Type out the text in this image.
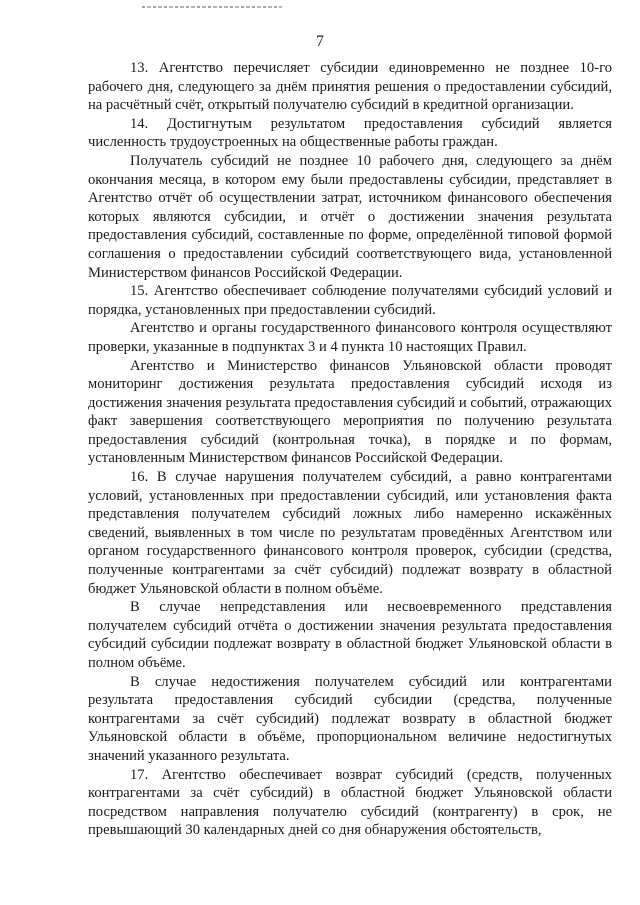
7

13. Агентство перечисляет субсидии единовременно не позднее 10-го рабочего дня, следующего за днём принятия решения о предоставлении субсидий, на расчётный счёт, открытый получателю субсидий в кредитной организации.

14. Достигнутым результатом предоставления субсидий является численность трудоустроенных на общественные работы граждан.

Получатель субсидий не позднее 10 рабочего дня, следующего за днём окончания месяца, в котором ему были предоставлены субсидии, представляет в Агентство отчёт об осуществлении затрат, источником финансового обеспечения которых являются субсидии, и отчёт о достижении значения результата предоставления субсидий, составленные по форме, определённой типовой формой соглашения о предоставлении субсидий соответствующего вида, установленной Министерством финансов Российской Федерации.

15. Агентство обеспечивает соблюдение получателями субсидий условий и порядка, установленных при предоставлении субсидий.

Агентство и органы государственного финансового контроля осуществляют проверки, указанные в подпунктах 3 и 4 пункта 10 настоящих Правил.

Агентство и Министерство финансов Ульяновской области проводят мониторинг достижения результата предоставления субсидий исходя из достижения значения результата предоставления субсидий и событий, отражающих факт завершения соответствующего мероприятия по получению результата предоставления субсидий (контрольная точка), в порядке и по формам, установленным Министерством финансов Российской Федерации.

16. В случае нарушения получателем субсидий, а равно контрагентами условий, установленных при предоставлении субсидий, или установления факта представления получателем субсидий ложных либо намеренно искажённых сведений, выявленных в том числе по результатам проведённых Агентством или органом государственного финансового контроля проверок, субсидии (средства, полученные контрагентами за счёт субсидий) подлежат возврату в областной бюджет Ульяновской области в полном объёме.

В случае непредставления или несвоевременного представления получателем субсидий отчёта о достижении значения результата предоставления субсидий субсидии подлежат возврату в областной бюджет Ульяновской области в полном объёме.

В случае недостижения получателем субсидий или контрагентами результата предоставления субсидий субсидии (средства, полученные контрагентами за счёт субсидий) подлежат возврату в областной бюджет Ульяновской области в объёме, пропорциональном величине недостигнутых значений указанного результата.

17. Агентство обеспечивает возврат субсидий (средств, полученных контрагентами за счёт субсидий) в областной бюджет Ульяновской области посредством направления получателю субсидий (контрагенту) в срок, не превышающий 30 календарных дней со дня обнаружения обстоятельств,
